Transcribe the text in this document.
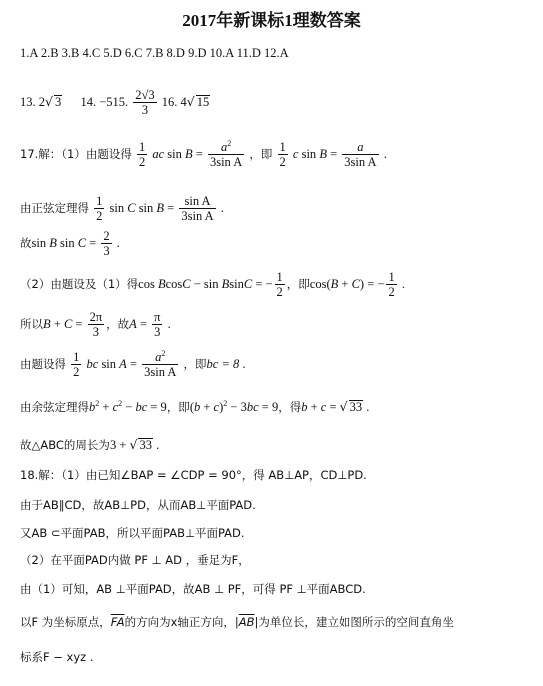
2017年新课标1理数答案
1.A 2.B 3.B 4.C 5.D 6.C 7.B 8.D 9.D 10.A 11.D 12.A
13. 2√ 3 14. −515. $\frac{2√3}{3} 16$. 4√ 15
17.解：（1）由题设得 $\frac{1}{2}$ ac $\sin B = \frac{a^2}{\text{3sin A}}$ ，即 $\frac{1}{2}$ c $\sin B = \frac{a}{\text{3sin A}}$ .
由正弦定理得 $\frac{1}{2}$ sin C $\sin B = \frac{\text{sin A}}{\text{3sin A}}$ .
故sin B $\sin C = \frac{2}{3}$ .
（2）由题设及（1）得cos BcosC − sin BsinC = − $\frac{1}{2}$ ，即cos(B + C) = − $\frac{1}{2}$ .
所以$B + C = \frac{2\pi}{3}$ ，故$A = \frac{\pi}{3}$ .
由题设得 $\frac{1}{2}$ bc $\sin A = \frac{a^2}{\text{3sin A}}$ ，即bc = 8 .
由余弦定理得$b^2 + c^2$ − bc = 9，即$(b + c)^2 - 3bc = 9$，得b + c = √ 33 .
故△ABC的周长为3 + √ 33 .
18.解：（1）由已知∠BAP = ∠CDP = 90°，得 AB⊥AP，CD⊥PD.
由于AB∥CD，故AB⊥PD，从而AB⊥平面PAD.
又AB ⊂平面PAB，所以平面PAB⊥平面PAD.
（2）在平面PAD内做 PF ⊥ AD ，垂足为F，
由（1）可知，AB ⊥平面PAD，故AB ⊥ PF，可得 PF ⊥平面ABCD.
以F 为坐标原点，$\overline{FA}$的方向为x轴正方向，$|\overline{AB}|$为单位长，建立如图所示的空间直角坐
标系F − xyz .
